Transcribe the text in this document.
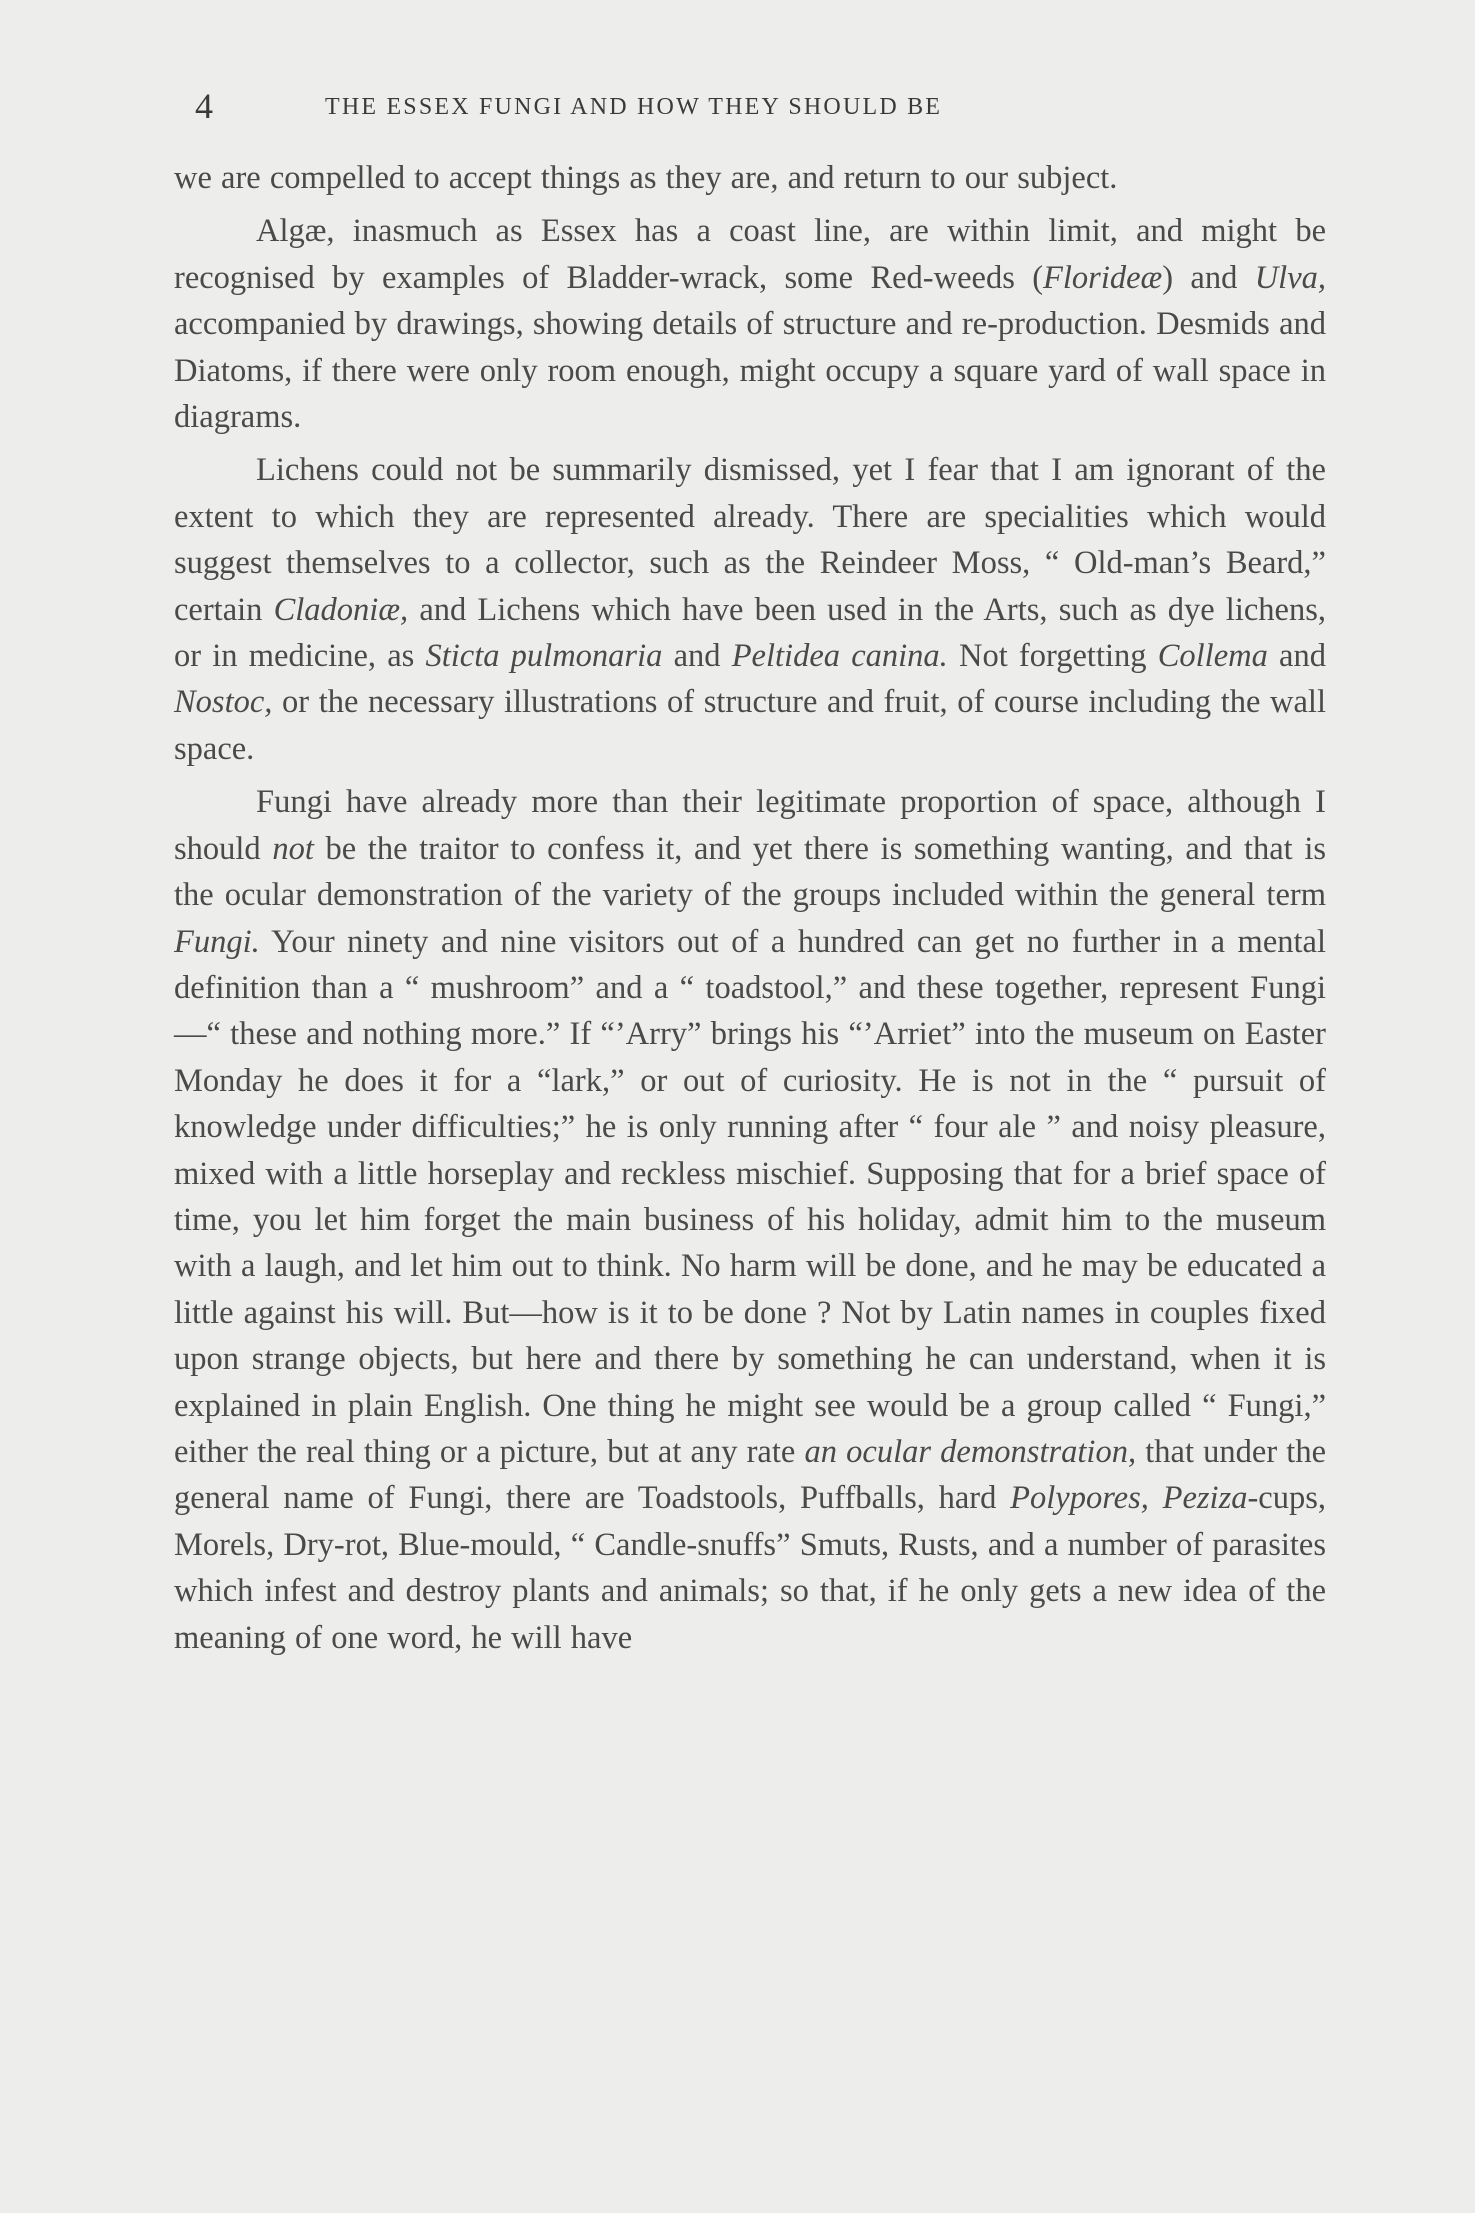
4	THE ESSEX FUNGI AND HOW THEY SHOULD BE

we are compelled to accept things as they are, and return to our subject.

Algæ, inasmuch as Essex has a coast line, are within limit, and might be recognised by examples of Bladder-wrack, some Red-weeds (Florideæ) and Ulva, accompanied by drawings, showing details of structure and re-production. Desmids and Diatoms, if there were only room enough, might occupy a square yard of wall space in diagrams.

Lichens could not be summarily dismissed, yet I fear that I am ignorant of the extent to which they are represented already. There are specialities which would suggest themselves to a collector, such as the Reindeer Moss, “ Old-man’s Beard,” certain Cladoniæ, and Lichens which have been used in the Arts, such as dye lichens, or in medicine, as Sticta pulmonaria and Peltidea canina. Not forgetting Collema and Nostoc, or the necessary illustrations of structure and fruit, of course including the wall space.

Fungi have already more than their legitimate proportion of space, although I should not be the traitor to confess it, and yet there is something wanting, and that is the ocular demonstration of the variety of the groups included within the general term Fungi. Your ninety and nine visitors out of a hundred can get no further in a mental definition than a “ mushroom” and a “ toadstool,” and these together, represent Fungi—“ these and nothing more.” If “’Arry” brings his “’Arriet” into the museum on Easter Monday he does it for a “lark,” or out of curiosity. He is not in the “ pursuit of knowledge under difficulties;” he is only running after “ four ale ” and noisy pleasure, mixed with a little horseplay and reckless mischief. Supposing that for a brief space of time, you let him forget the main business of his holiday, admit him to the museum with a laugh, and let him out to think. No harm will be done, and he may be educated a little against his will. But—how is it to be done ? Not by Latin names in couples fixed upon strange objects, but here and there by something he can understand, when it is explained in plain English. One thing he might see would be a group called “ Fungi,” either the real thing or a picture, but at any rate an ocular demonstration, that under the general name of Fungi, there are Toadstools, Puffballs, hard Polypores, Peziza-cups, Morels, Dry-rot, Blue-mould, “ Candle-snuffs” Smuts, Rusts, and a number of parasites which infest and destroy plants and animals; so that, if he only gets a new idea of the meaning of one word, he will have
